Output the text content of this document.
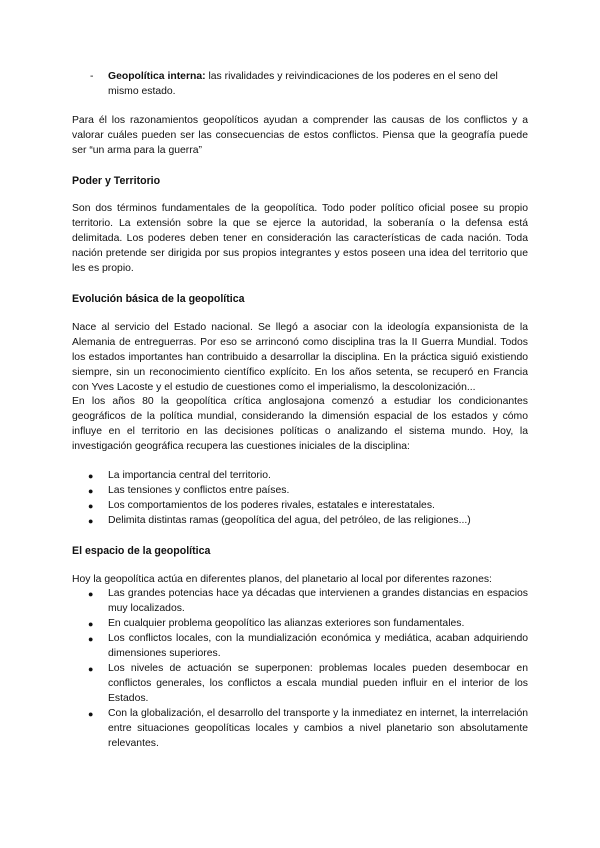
- Geopolítica interna: las rivalidades y reivindicaciones de los poderes en el seno del mismo estado.

Para él los razonamientos geopolíticos ayudan a comprender las causas de los conflictos y a valorar cuáles pueden ser las consecuencias de estos conflictos. Piensa que la geografía puede ser “un arma para la guerra”

Poder y Territorio

Son dos términos fundamentales de la geopolítica. Todo poder político oficial posee su propio territorio. La extensión sobre la que se ejerce la autoridad, la soberanía o la defensa está delimitada. Los poderes deben tener en consideración las características de cada nación. Toda nación pretende ser dirigida por sus propios integrantes y estos poseen una idea del territorio que les es propio.

Evolución básica de la geopolítica

Nace al servicio del Estado nacional. Se llegó a asociar con la ideología expansionista de la Alemania de entreguerras. Por eso se arrinconó como disciplina tras la II Guerra Mundial. Todos los estados importantes han contribuido a desarrollar la disciplina. En la práctica siguió existiendo siempre, sin un reconocimiento científico explícito. En los años setenta, se recuperó en Francia con Yves Lacoste y el estudio de cuestiones como el imperialismo, la descolonización...

En los años 80 la geopolítica crítica anglosajona comenzó a estudiar los condicionantes geográficos de la política mundial, considerando la dimensión espacial de los estados y cómo influye en el territorio en las decisiones políticas o analizando el sistema mundo. Hoy, la investigación geográfica recupera las cuestiones iniciales de la disciplina:

● La importancia central del territorio.
● Las tensiones y conflictos entre países.
● Los comportamientos de los poderes rivales, estatales e interestatales.
● Delimita distintas ramas (geopolítica del agua, del petróleo, de las religiones...)
El espacio de la geopolítica

Hoy la geopolítica actúa en diferentes planos, del planetario al local por diferentes razones:

● Las grandes potencias hace ya décadas que intervienen a grandes distancias en espacios muy localizados.
● En cualquier problema geopolítico las alianzas exteriores son fundamentales.
● Los conflictos locales, con la mundialización económica y mediática, acaban adquiriendo dimensiones superiores.
● Los niveles de actuación se superponen: problemas locales pueden desembocar en conflictos generales, los conflictos a escala mundial pueden influir en el interior de los Estados.
● Con la globalización, el desarrollo del transporte y la inmediatez en internet, la interrelación entre situaciones geopolíticas locales y cambios a nivel planetario son absolutamente relevantes.
